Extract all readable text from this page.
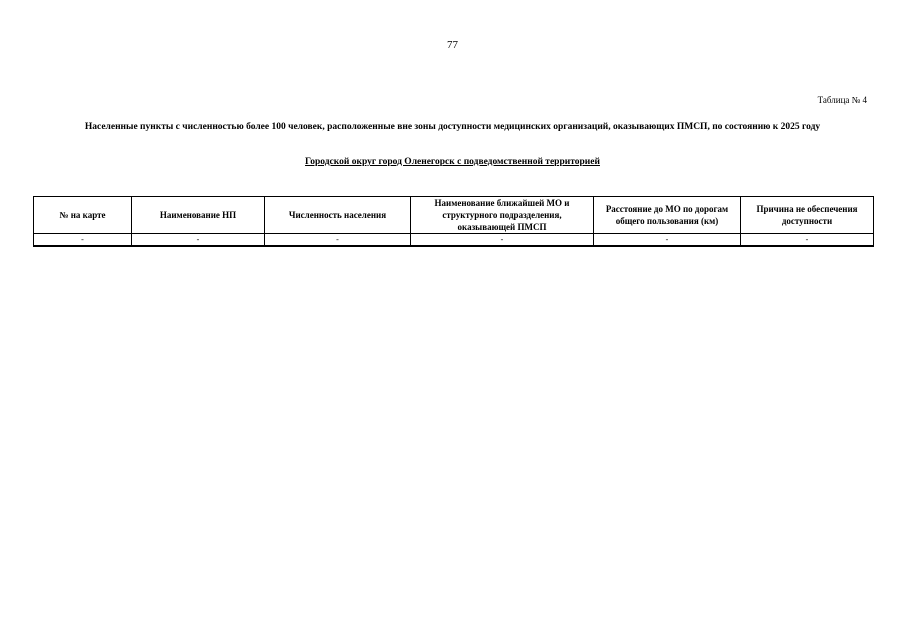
77
Таблица № 4
Населенные пункты с численностью более 100 человек, расположенные вне зоны доступности медицинских организаций, оказывающих ПМСП, по состоянию к 2025 году
Городской округ город Оленегорск с подведомственной территорией
№ на карте	Наименование НП	Численность населения	Наименование ближайшей МО и структурного подразделения, оказывающей ПМСП	Расстояние до МО по дорогам общего пользования (км)	Причина не обеспечения доступности
-	-	-	-	-	-
